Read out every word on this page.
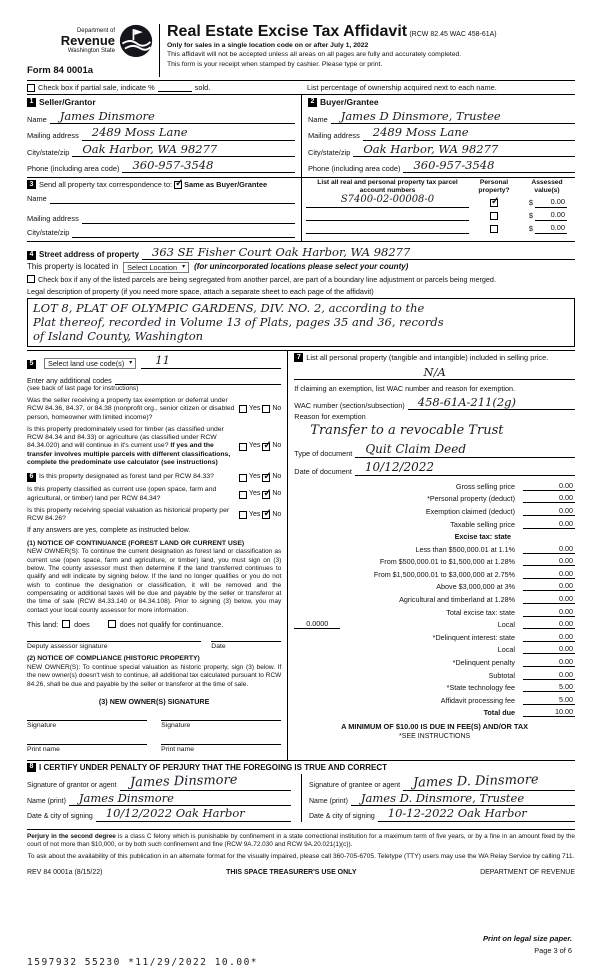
Department of
Revenue
Washington State
Form 84 0001a
Real Estate Excise Tax Affidavit (RCW 82.45 WAC 458-61A)
Only for sales in a single location code on or after July 1, 2022
This affidavit will not be accepted unless all areas on all pages are fully and accurately completed.
This form is your receipt when stamped by cashier. Please type or print.
Check box if partial sale, indicate %	sold.	List percentage of ownership acquired next to each name.
1 Seller/Grantor
Name James Dinsmore
Mailing address 2489 Moss Lane
City/state/zip Oak Harbor, WA 98277
Phone (including area code) 360-957-3548
2 Buyer/Grantee
Name James D Dinsmore, Trustee
Mailing address 2489 Moss Lane
City/state/zip Oak Harbor, WA 98277
Phone (including area code) 360-957-3548
3 Send all property tax correspondence to: ✓ Same as Buyer/Grantee
Name
Mailing address
City/state/zip
List all real and personal property tax parcel account numbers
Personal property?
Assessed value(s)
S7400-02-00008-0 ✓	$	0.00
$	0.00
$	0.00
4 Street address of property 363 SE Fisher Court Oak Harbor, WA 98277
This property is located in Select Location ▾ (for unincorporated locations please select your county)
Check box if any of the listed parcels are being segregated from another parcel, are part of a boundary line adjustment or parcels being merged.
Legal description of property (if you need more space, attach a separate sheet to each page of the affidavit)
LOT 8, PLAT OF OLYMPIC GARDENS, DIV. NO. 2, according to the
Plat thereof, recorded in Volume 13 of Plats, pages 35 and 36, records
of Island County, Washington
5	Select land use code(s) ▾ 11
Enter any additional codes
(see back of last page for instructions)
Was the seller receiving a property tax exemption or deferral under RCW 84.36, 84.37, or 84.38 (nonprofit org., senior citizen or disabled person, homeowner with limited income)?
Yes No
Is this property predominately used for timber (as classified under RCW 84.34 and 84.33) or agriculture (as classified under RCW 84.34.020) and will continue in it's current use? If yes and the transfer involves multiple parcels with different classifications, complete the predominate use calculator (see instructions)
Yes ✓ No
6 Is this property designated as forest land per RCW 84.33?	Yes ✓ No
Is this property classified as current use (open space, farm and agricultural, or timber) land per RCW 84.34?
Yes ✓ No
Is this property receiving special valuation as historical property per RCW 84.26?
Yes ✓ No
If any answers are yes, complete as instructed below.
(1) NOTICE OF CONTINUANCE (FOREST LAND OR CURRENT USE)
NEW OWNER(S): To continue the current designation as forest land or classification as current use (open space, farm and agriculture, or timber) land, you must sign on (3) below. The county assessor must then determine if the land transferred continues to qualify and will indicate by signing below. If the land no longer qualifies or you do not wish to continue the designation or classification, it will be removed and the compensating or additional taxes will be due and payable by the seller or transferor at the time of sale (RCW 84.33.140 or 84.34.108). Prior to signing (3) below, you may contact your local county assessor for more information.
This land: does	does not qualify for continuance.
Deputy assessor signature	Date
(2) NOTICE OF COMPLIANCE (HISTORIC PROPERTY)
NEW OWNER(S): To continue special valuation as historic property, sign (3) below. If the new owner(s) doesn't wish to continue, all additional tax calculated pursuant to RCW 84.26, shall be due and payable by the seller or transferor at the time of sale.
(3) NEW OWNER(S) SIGNATURE
Signature	Signature
Print name	Print name
7 List all personal property (tangible and intangible) included in selling price.
N/A
If claiming an exemption, list WAC number and reason for exemption.
WAC number (section/subsection) 458-61A-211(2g)
Reason for exemption
Transfer to a revocable Trust
Type of document Quit Claim Deed
Date of document 10/12/2022
Gross selling price	0.00
*Personal property (deduct)	0.00
Exemption claimed (deduct)	0.00
Taxable selling price	0.00
Excise tax: state
Less than $500,000.01 at 1.1%	0.00
From $500,000.01 to $1,500,000 at 1.28%	0.00
From $1,500,000.01 to $3,000,000 at 2.75%	0.00
Above $3,000,000 at 3%	0.00
Agricultural and timberland at 1.28%	0.00
Total excise tax: state	0.00
0.0000	Local	0.00
*Delinquent interest: state	0.00
Local	0.00
*Delinquent penalty	0.00
Subtotal	0.00
*State technology fee	5.00
Affidavit processing fee	5.00
Total due	10.00
A MINIMUM OF $10.00 IS DUE IN FEE(S) AND/OR TAX
*SEE INSTRUCTIONS
8 I CERTIFY UNDER PENALTY OF PERJURY THAT THE FOREGOING IS TRUE AND CORRECT
Signature of grantor or agent James Dinsmore
Name (print) James Dinsmore
Date & city of signing 10/12/2022 Oak Harbor
Signature of grantee or agent James D. Dinsmore
Name (print) James D. Dinsmore, Trustee
Date & city of signing 10-12-2022 Oak Harbor
Perjury in the second degree is a class C felony which is punishable by confinement in a state correctional institution for a maximum term of five years, or by a fine in an amount fixed by the court of not more than $10,000, or by both such confinement and fine (RCW 9A.72.030 and RCW 9A.20.021(1)(c)).
To ask about the availability of this publication in an alternate format for the visually impaired, please call 360-705-6705. Teletype (TTY) users may use the WA Relay Service by calling 711.
REV 84 0001a (8/15/22)	THIS SPACE TREASURER'S USE ONLY	DEPARTMENT OF REVENUE
Print on legal size paper.
Page 3 of 6
1597932 55230 *11/29/2022 10.00*
